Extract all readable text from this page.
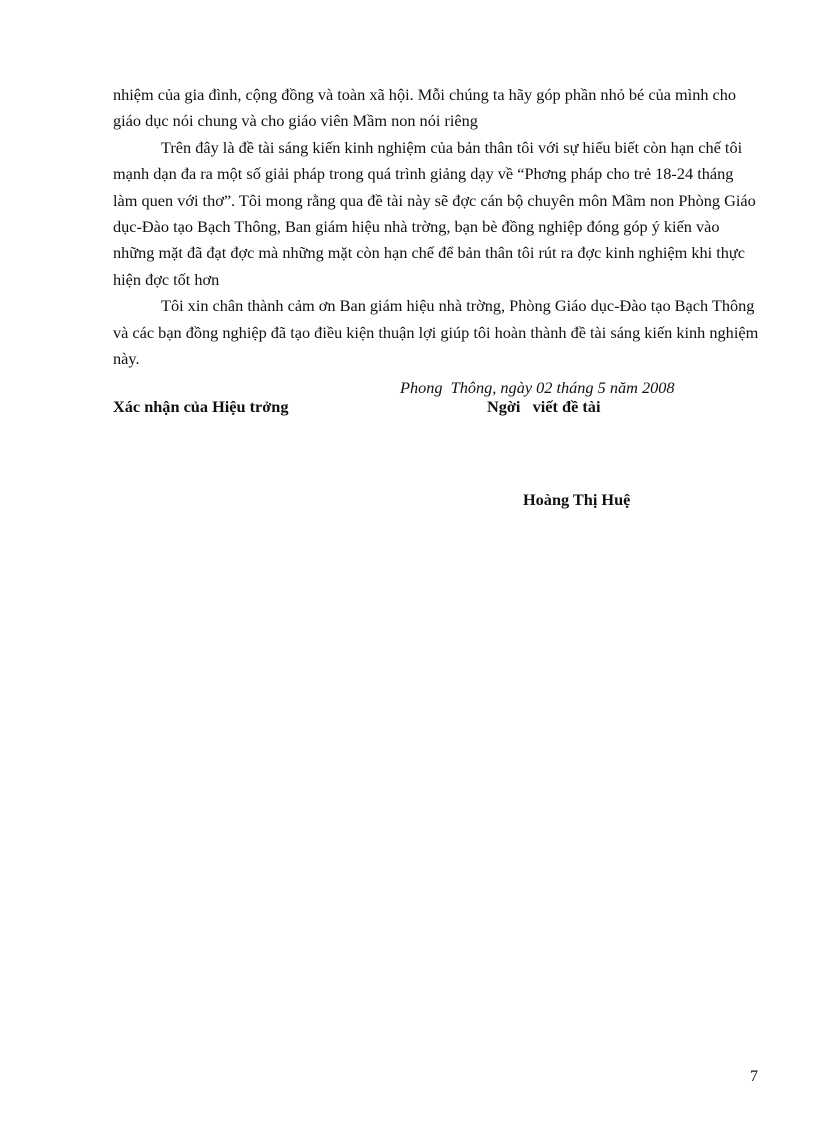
nhiệm của gia đình, cộng đồng và toàn xã hội. Mỗi chúng ta hãy góp phần nhỏ bé của mình cho giáo dục nói chung và cho giáo viên Mầm non nói riêng

Trên đây là đề tài sáng kiến kinh nghiệm của bản thân tôi với sự hiểu biết còn hạn chế tôi mạnh dạn đa ra một số giải pháp trong quá trình giảng dạy về “Phơng pháp cho trẻ 18-24 tháng làm quen với thơ”. Tôi mong rằng qua đề tài này sẽ đợc cán bộ chuyên môn Mầm non Phòng Giáo dục-Đào tạo Bạch Thông, Ban giám hiệu nhà trờng, bạn bè đồng nghiệp đóng góp ý kiến vào những mặt đã đạt đợc mà những mặt còn hạn chế để bản thân tôi rút ra đợc kinh nghiệm khi thực hiện đợc tốt hơn

Tôi xin chân thành cảm ơn Ban giám hiệu nhà trờng, Phòng Giáo dục-Đào tạo Bạch Thông và các bạn đồng nghiệp đã tạo điều kiện thuận lợi giúp tôi hoàn thành đề tài sáng kiến kinh nghiệm này.

Phong  Thông, ngày 02 tháng 5 năm 2008
Xác nhận của Hiệu trởng	Ngời   viết đề tài
Hoàng Thị Huệ
7
